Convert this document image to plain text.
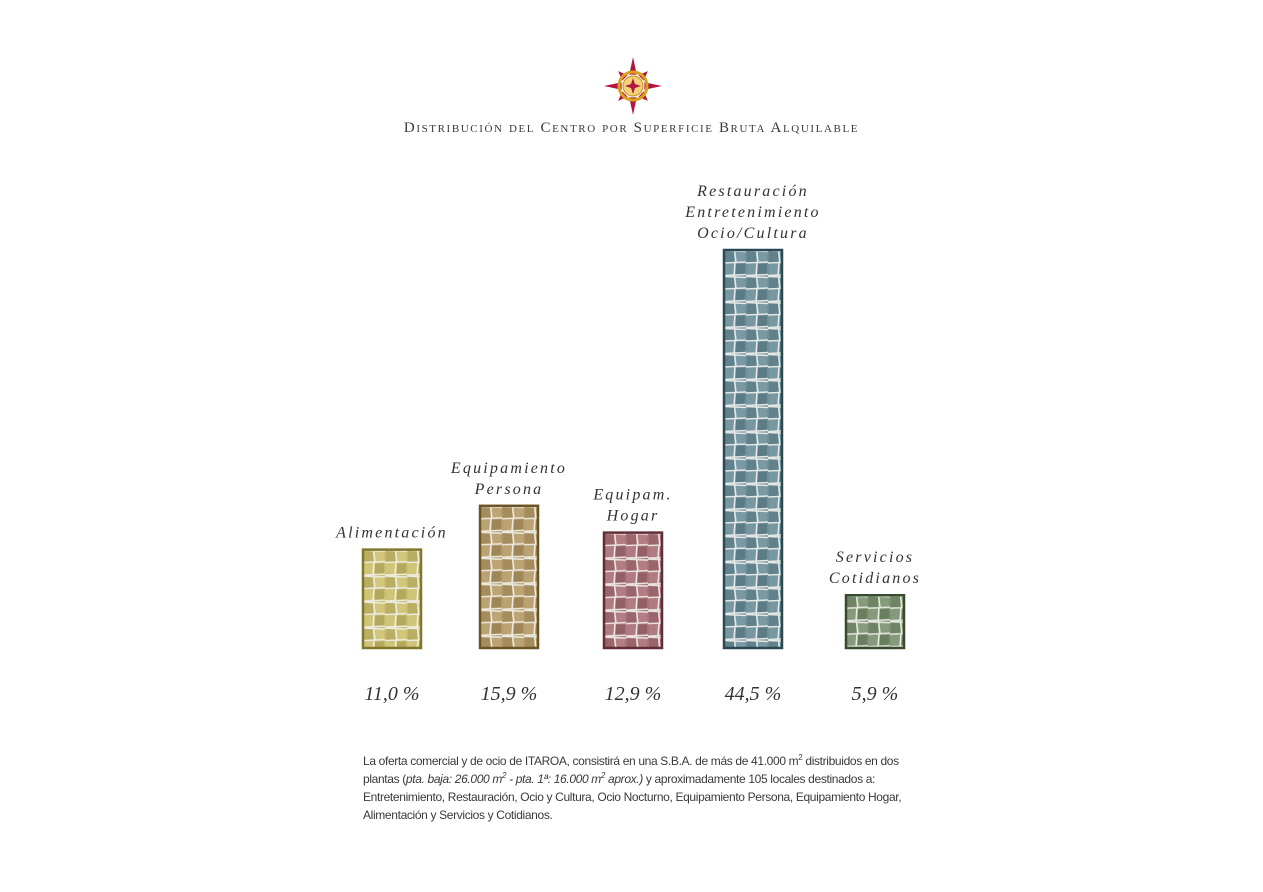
Distribución del Centro por Superficie Bruta Alquilable
Alimentación
11,0 %
Equipamiento Persona
15,9 %
Equipam. Hogar
12,9 %
Restauración Entretenimiento Ocio/Cultura
44,5 %
Servicios Cotidianos
5,9 %

La oferta comercial y de ocio de ITAROA, consistirá en una S.B.A. de más de 41.000 $m^2$ distribuidos en dos

plantas (pta. baja: 26.000 $m^2$ - pta. 1ª: 16.000 $m^2$ aprox.) y aproximadamente 105 locales destinados a:

Entretenimiento, Restauración, Ocio y Cultura, Ocio Nocturno, Equipamiento Persona, Equipamiento Hogar,

Alimentación y Servicios y Cotidianos.
